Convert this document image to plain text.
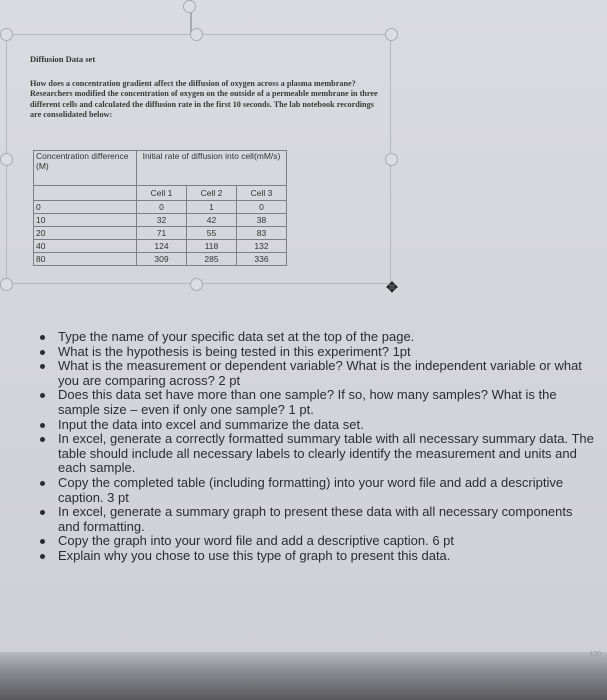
Diffusion Data set
How does a concentration gradient affect the diffusion of oxygen across a plasma membrane? Researchers modified the concentration of oxygen on the outside of a permeable membrane in three different cells and calculated the diffusion rate in the first 10 seconds. The lab notebook recordings are consolidated below:
Concentration difference (M)	Initial rate of diffusion into cell(mM/s)		
	Cell 1	Cell 2	Cell 3
0	0	1	0
10	32	42	38
20	71	55	83
40	124	118	132
80	309	285	336
✥
Type the name of your specific data set at the top of the page.
What is the hypothesis is being tested in this experiment? 1pt
What is the measurement or dependent variable? What is the independent variable or what you are comparing across? 2 pt
Does this data set have more than one sample? If so, how many samples? What is the sample size – even if only one sample? 1 pt.
Input the data into excel and summarize the data set.
In excel, generate a correctly formatted summary table with all necessary summary data. The table should include all necessary labels to clearly identify the measurement and units and each sample.
Copy the completed table (including formatting) into your word file and add a descriptive caption. 3 pt
In excel, generate a summary graph to present these data with all necessary components and formatting.
Copy the graph into your word file and add a descriptive caption. 6 pt
Explain why you chose to use this type of graph to present this data.
100
